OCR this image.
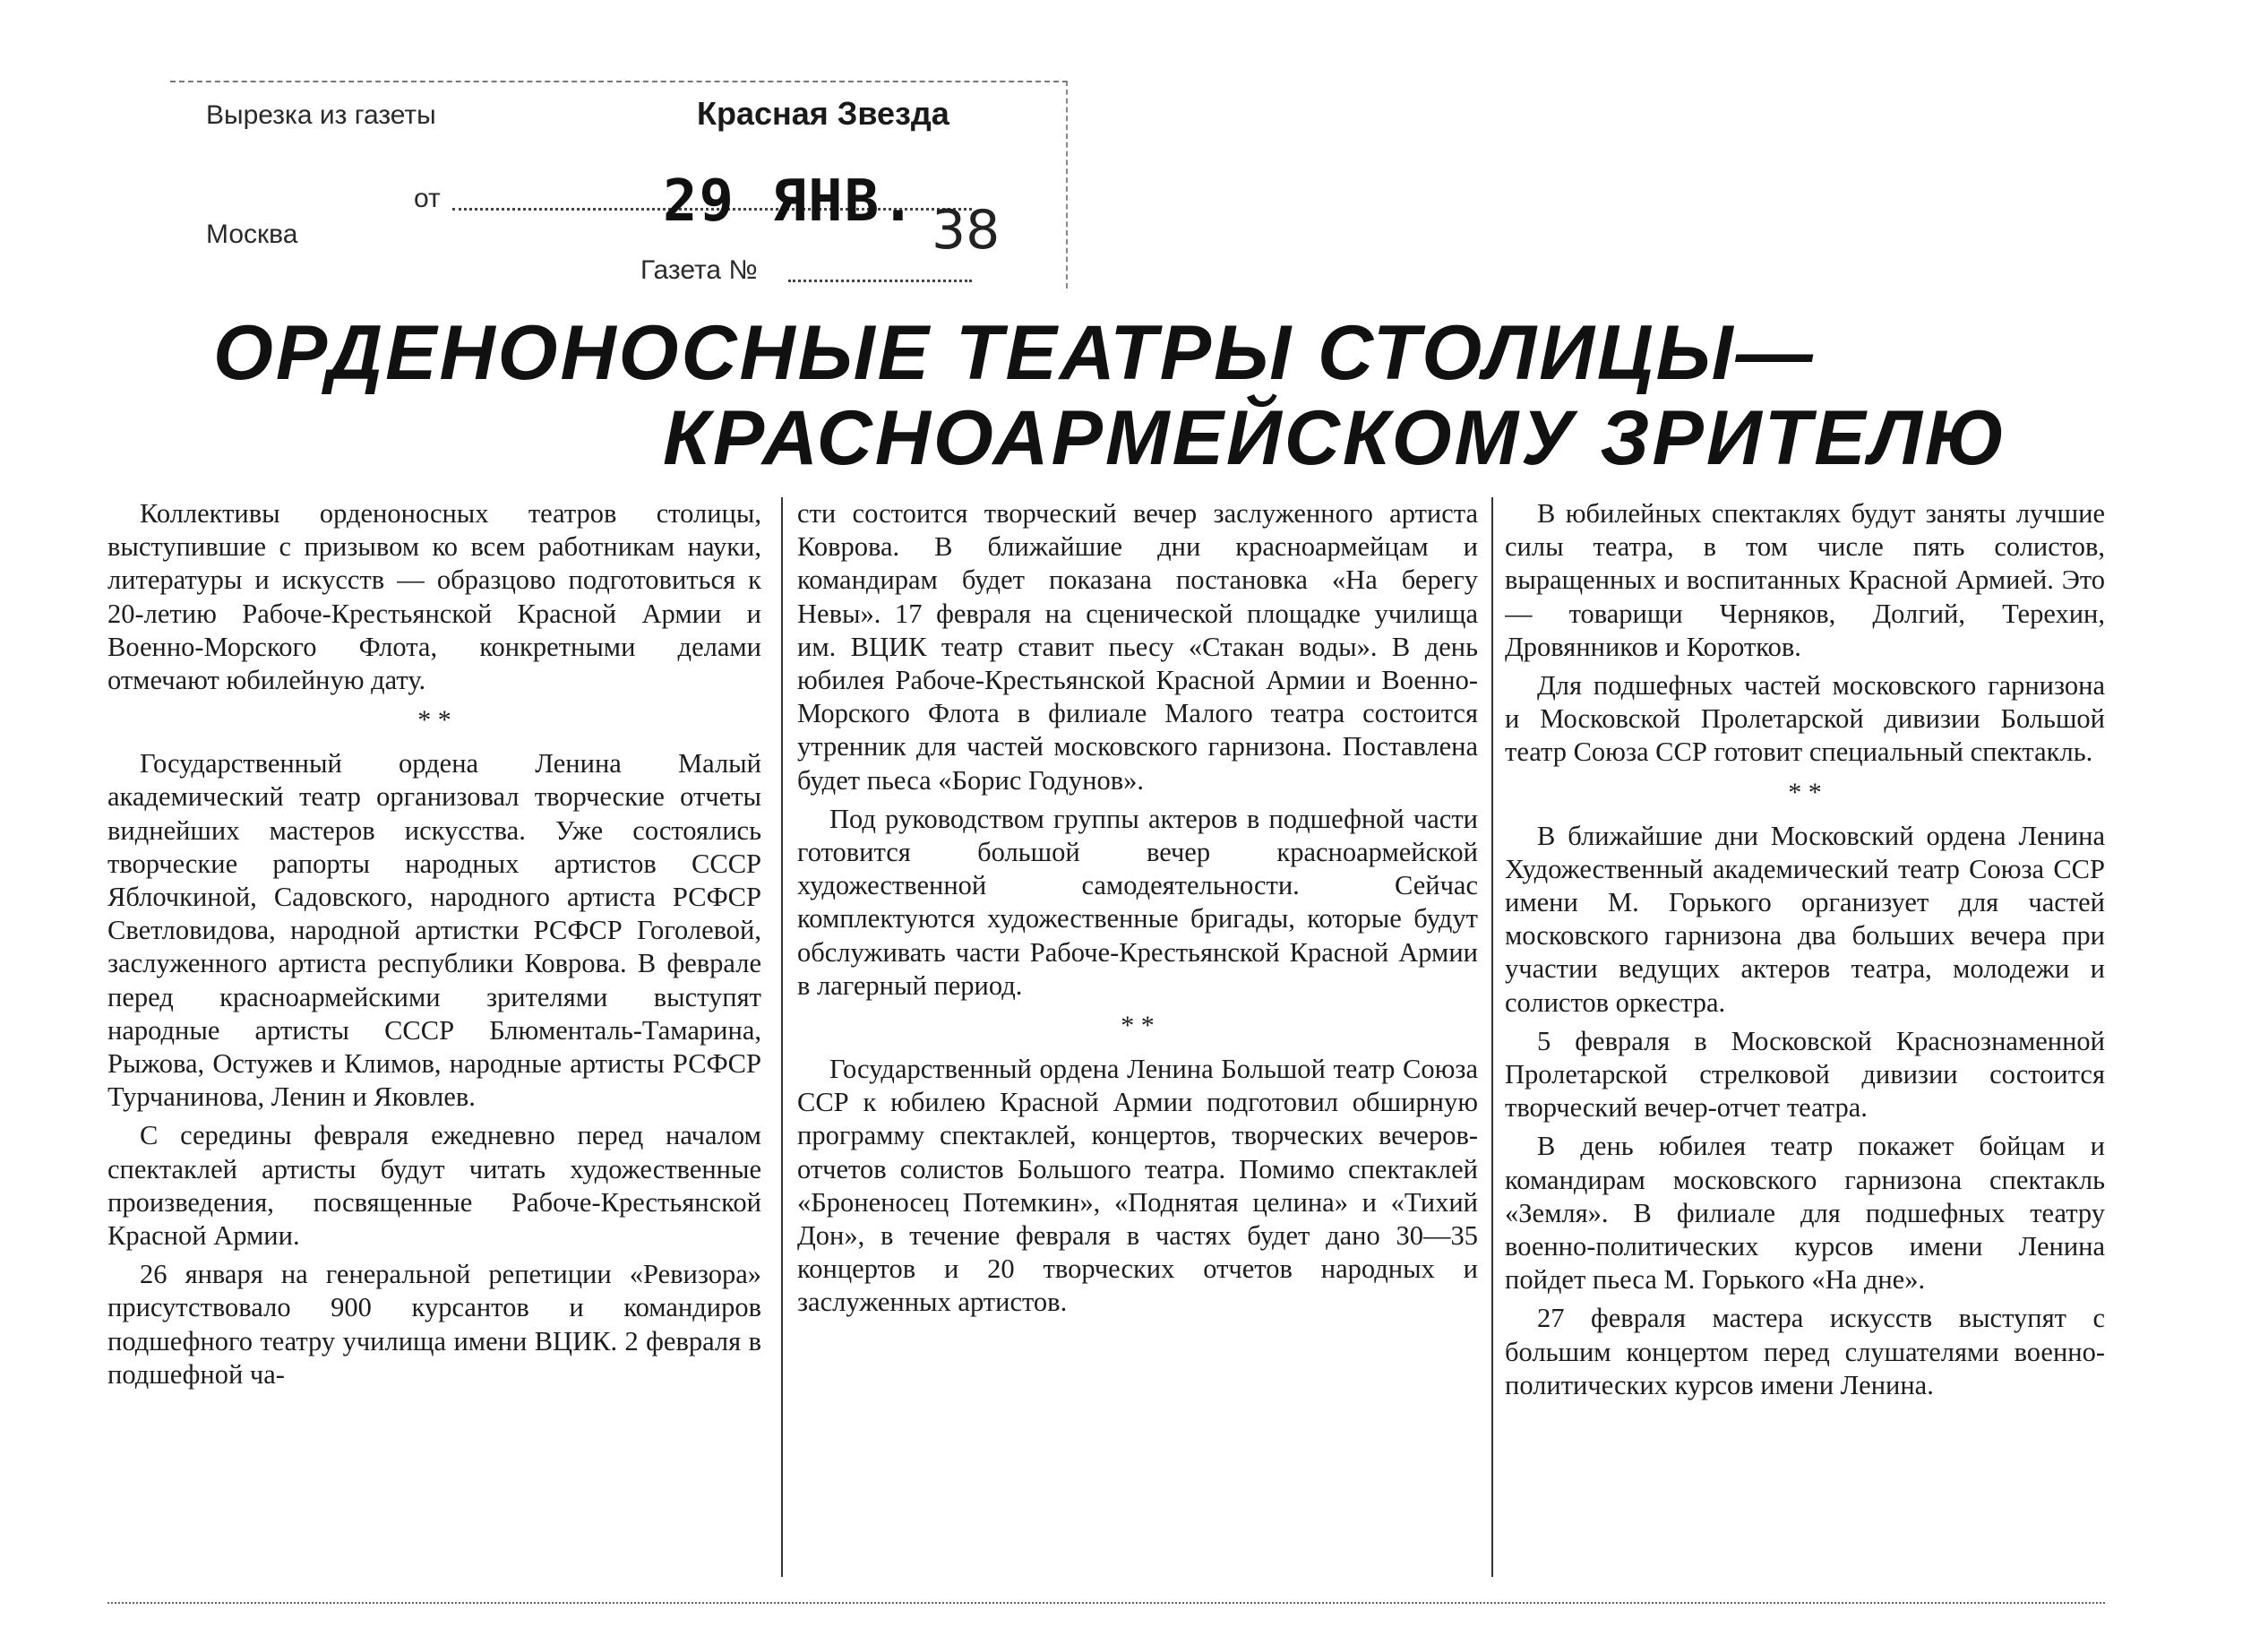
Вырезка из газеты	Красная Звезда
от	29 ЯНВ. 38
Москва
Газета №
ОРДЕНОНОСНЫЕ ТЕАТРЫ СТОЛИЦЫ—
КРАСНОАРМЕЙСКОМУ ЗРИТЕЛЮ

Коллективы орденоносных театров столицы, выступившие с призывом ко всем работникам науки, литературы и искусств — образцово подготовиться к 20-летию Рабоче-Крестьянской Красной Армии и Военно-Морского Флота, конкретными делами отмечают юбилейную дату.

* *

Государственный ордена Ленина Малый академический театр организовал творческие отчеты виднейших мастеров искусства. Уже состоялись творческие рапорты народных артистов СССР Яблочкиной, Садовского, народного артиста РСФСР Светловидова, народной артистки РСФСР Гоголевой, заслуженного артиста республики Коврова. В феврале перед красноармейскими зрителями выступят народные артисты СССР Блюменталь-Тамарина, Рыжова, Остужев и Климов, народные артисты РСФСР Турчанинова, Ленин и Яковлев.

С середины февраля ежедневно перед началом спектаклей артисты будут читать художественные произведения, посвященные Рабоче-Крестьянской Красной Армии.

26 января на генеральной репетиции «Ревизора» присутствовало 900 курсантов и командиров подшефного театру училища имени ВЦИК. 2 февраля в подшефной ча-

сти состоится творческий вечер заслуженного артиста Коврова. В ближайшие дни красноармейцам и командирам будет показана постановка «На берегу Невы». 17 февраля на сценической площадке училища им. ВЦИК театр ставит пьесу «Стакан воды». В день юбилея Рабоче-Крестьянской Красной Армии и Военно-Морского Флота в филиале Малого театра состоится утренник для частей московского гарнизона. Поставлена будет пьеса «Борис Годунов».

Под руководством группы актеров в подшефной части готовится большой вечер красноармейской художественной самодеятельности. Сейчас комплектуются художественные бригады, которые будут обслуживать части Рабоче-Крестьянской Красной Армии в лагерный период.

* *

Государственный ордена Ленина Большой театр Союза ССР к юбилею Красной Армии подготовил обширную программу спектаклей, концертов, творческих вечеров-отчетов солистов Большого театра. Помимо спектаклей «Броненосец Потемкин», «Поднятая целина» и «Тихий Дон», в течение февраля в частях будет дано 30—35 концертов и 20 творческих отчетов народных и заслуженных артистов.

В юбилейных спектаклях будут заняты лучшие силы театра, в том числе пять солистов, выращенных и воспитанных Красной Армией. Это — товарищи Черняков, Долгий, Терехин, Дровянников и Коротков.

Для подшефных частей московского гарнизона и Московской Пролетарской дивизии Большой театр Союза ССР готовит специальный спектакль.

* *

В ближайшие дни Московский ордена Ленина Художественный академический театр Союза ССР имени М. Горького организует для частей московского гарнизона два больших вечера при участии ведущих актеров театра, молодежи и солистов оркестра.

5 февраля в Московской Краснознаменной Пролетарской стрелковой дивизии состоится творческий вечер-отчет театра.

В день юбилея театр покажет бойцам и командирам московского гарнизона спектакль «Земля». В филиале для подшефных театру военно-политических курсов имени Ленина пойдет пьеса М. Горького «На дне».

27 февраля мастера искусств выступят с большим концертом перед слушателями военно-политических курсов имени Ленина.
